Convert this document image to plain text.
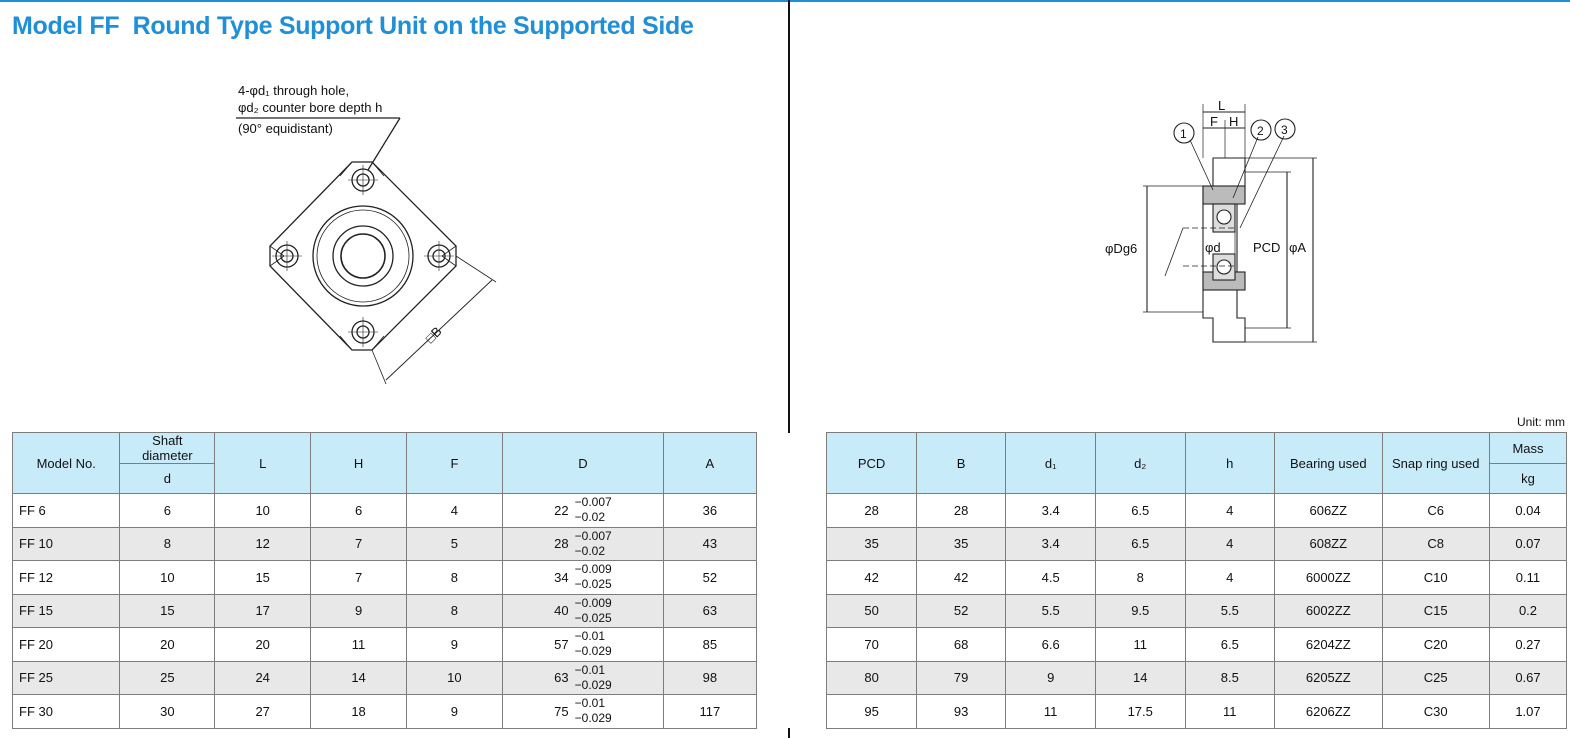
Model FF  Round Type Support Unit on the Supported Side
4-φd₁ through hole,
φd₂ counter bore depth h
(90° equidistant)
□B
L
F H
1	2 3
φDg6	φd PCD φA
Unit: mm
Model No.	Shaft
diameter	L	H	F	D	A		PCD	B	d₁	d₂	h	Bearing used	Snap ring used	Mass
	d														kg
FF 6	6	10	6	4	22
−0.007
−0.02	36		28	28	3.4	6.5	4	606ZZ	C6	0.04
FF 10	8	12	7	5	28
−0.007
−0.02	43		35	35	3.4	6.5	4	608ZZ	C8	0.07
FF 12	10	15	7	8	34
−0.009
−0.025	52		42	42	4.5	8	4	6000ZZ	C10	0.11
FF 15	15	17	9	8	40
−0.009
−0.025	63		50	52	5.5	9.5	5.5	6002ZZ	C15	0.2
FF 20	20	20	11	9	57
−0.01
−0.029	85		70	68	6.6	11	6.5	6204ZZ	C20	0.27
FF 25	25	24	14	10	63
−0.01
−0.029	98		80	79	9	14	8.5	6205ZZ	C25	0.67
FF 30	30	27	18	9	75
−0.01
−0.029	117		95	93	11	17.5	11	6206ZZ	C30	1.07
